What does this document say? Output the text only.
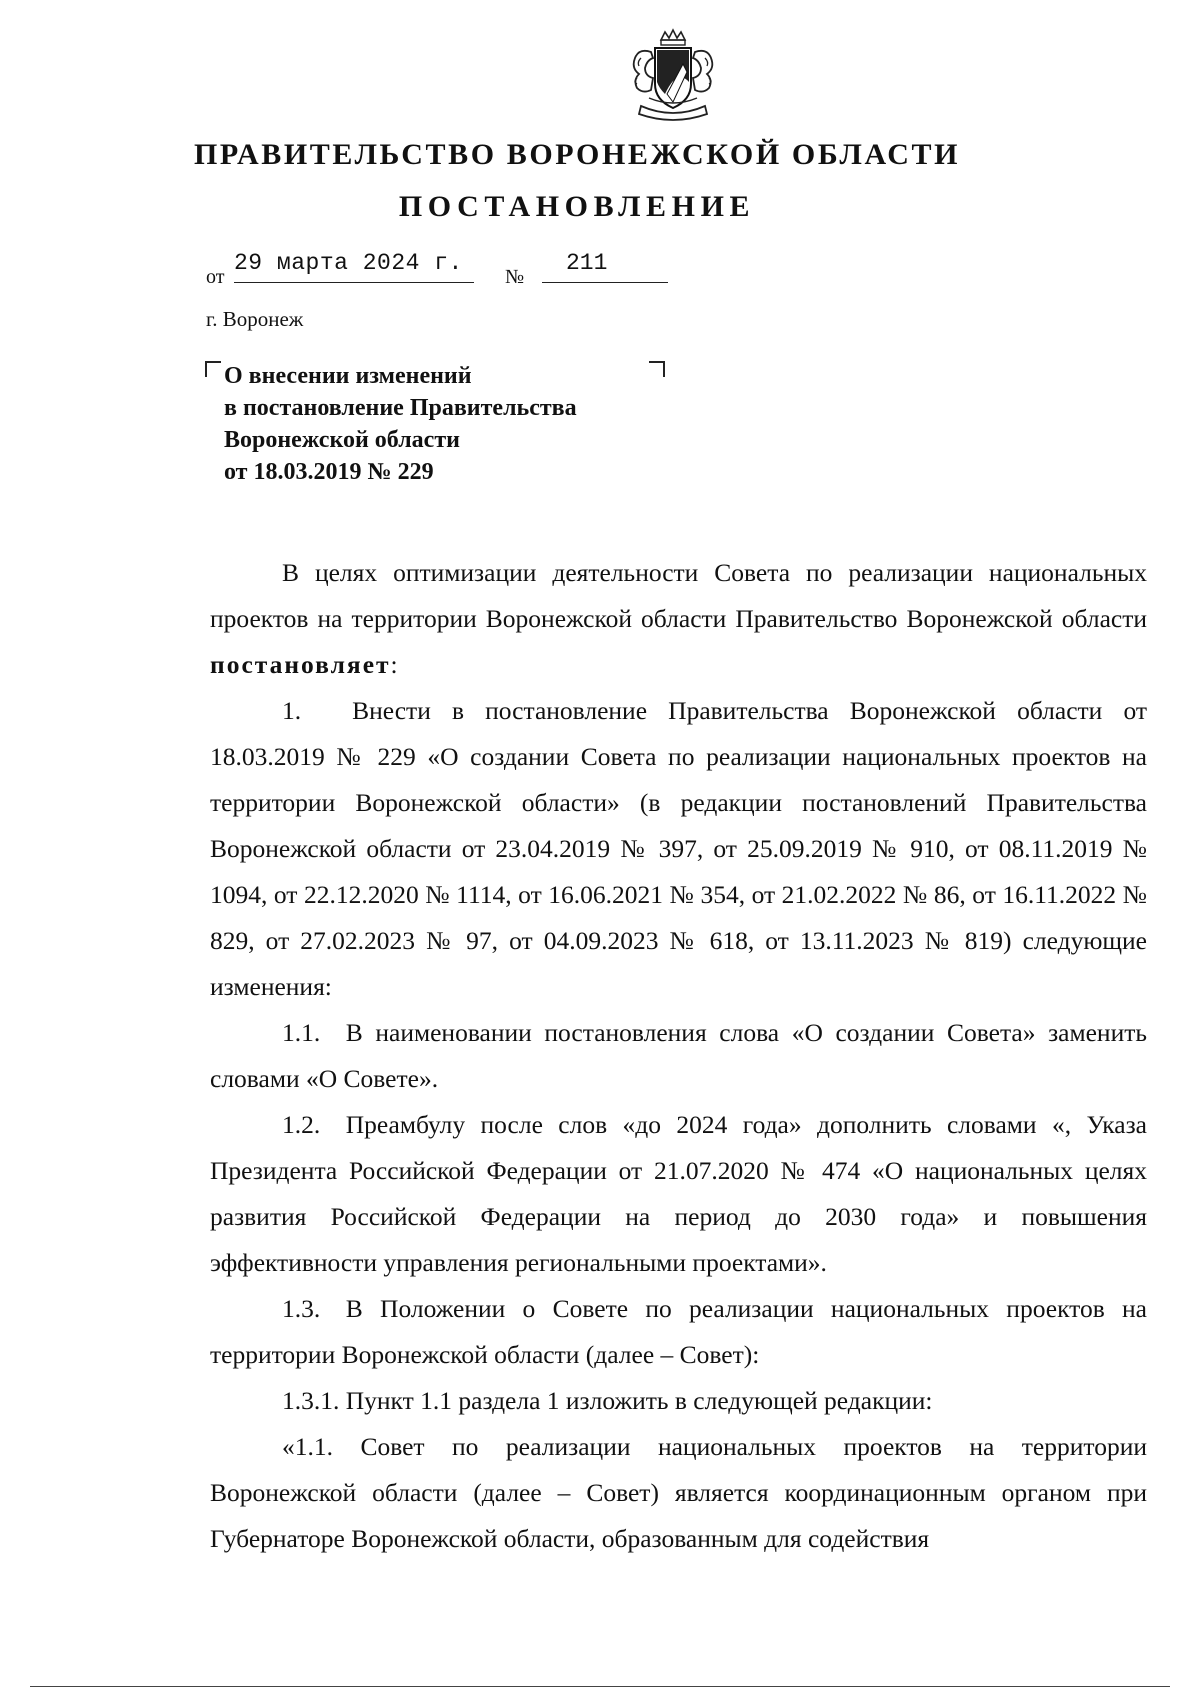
ПРАВИТЕЛЬСТВО ВОРОНЕЖСКОЙ ОБЛАСТИ
ПОСТАНОВЛЕНИЕ
от
29 марта 2024 г.
№
211
г. Воронеж
О внесении изменений
в постановление Правительства
Воронежской области
от 18.03.2019 № 229

В целях оптимизации деятельности Совета по реализации национальных проектов на территории Воронежской области Правительство Воронежской области постановляет:

1.  Внести в постановление Правительства Воронежской области от 18.03.2019 № 229 «О создании Совета по реализации национальных проектов на территории Воронежской области» (в редакции постановлений Правительства Воронежской области от 23.04.2019 № 397, от 25.09.2019 № 910, от 08.11.2019 № 1094, от 22.12.2020 № 1114, от 16.06.2021 № 354, от 21.02.2022 № 86, от 16.11.2022 № 829, от 27.02.2023 № 97, от 04.09.2023 № 618, от 13.11.2023 № 819) следующие изменения:

1.1. В наименовании постановления слова «О создании Совета» заменить словами «О Совете».

1.2. Преамбулу после слов «до 2024 года» дополнить словами «, Указа Президента Российской Федерации от 21.07.2020 № 474 «О национальных целях развития Российской Федерации на период до 2030 года» и повышения эффективности управления региональными проектами».

1.3. В Положении о Совете по реализации национальных проектов на территории Воронежской области (далее – Совет):

1.3.1. Пункт 1.1 раздела 1 изложить в следующей редакции:

«1.1. Совет по реализации национальных проектов на территории Воронежской области (далее – Совет) является координационным органом при Губернаторе Воронежской области, образованным для содействия
